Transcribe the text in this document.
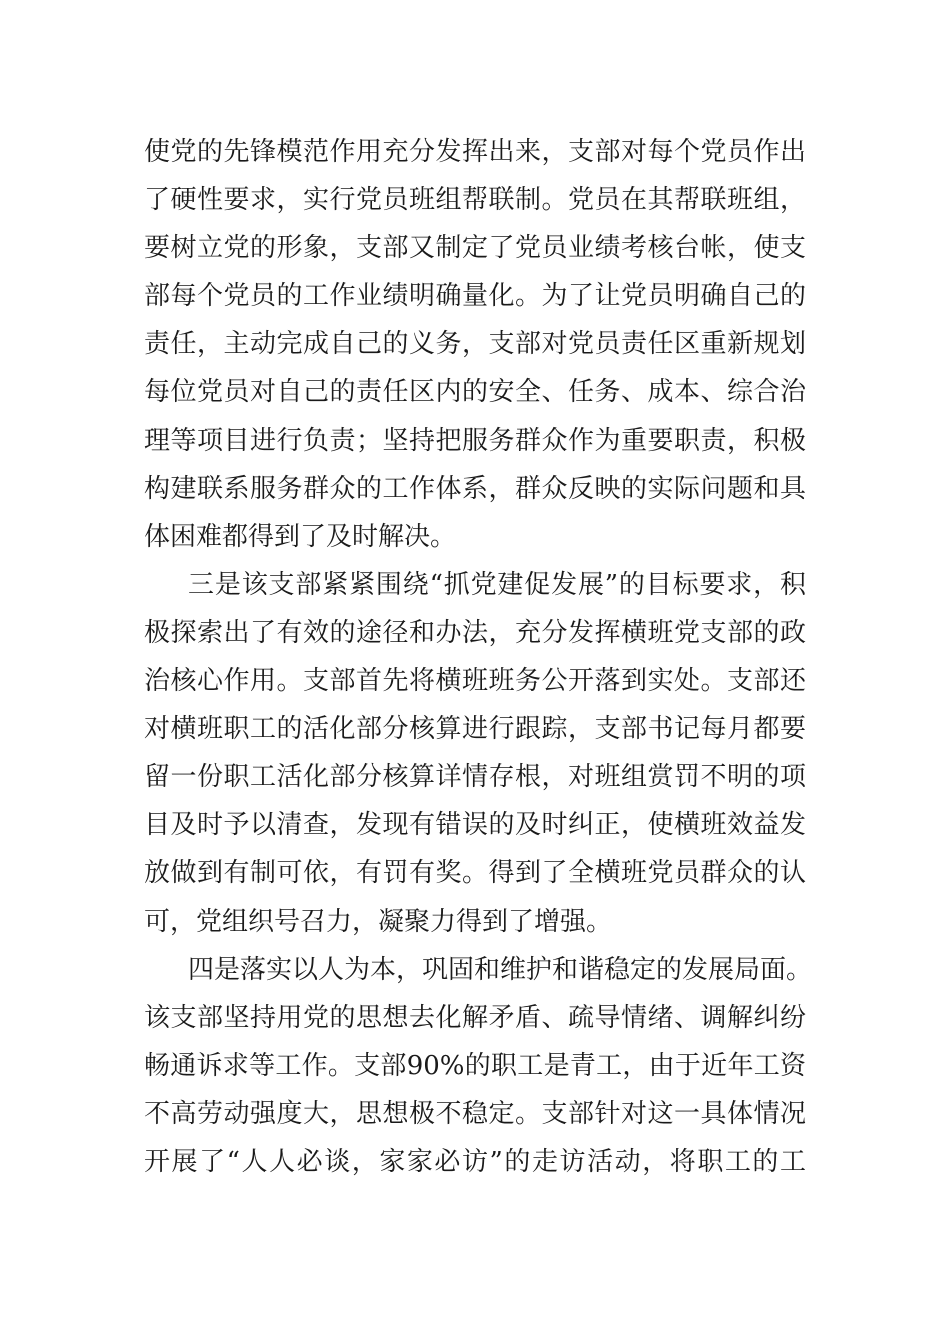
使党的先锋模范作用充分发挥出来，支部对每个党员作出
了硬性要求，实行党员班组帮联制。党员在其帮联班组，
要树立党的形象，支部又制定了党员业绩考核台帐，使支
部每个党员的工作业绩明确量化。为了让党员明确自己的
责任，主动完成自己的义务，支部对党员责任区重新规划
每位党员对自己的责任区内的安全、任务、成本、综合治
理等项目进行负责；坚持把服务群众作为重要职责，积极
构建联系服务群众的工作体系，群众反映的实际问题和具
体困难都得到了及时解决。
三是该支部紧紧围绕“抓党建促发展”的目标要求，积
极探索出了有效的途径和办法，充分发挥横班党支部的政
治核心作用。支部首先将横班班务公开落到实处。支部还
对横班职工的活化部分核算进行跟踪，支部书记每月都要
留一份职工活化部分核算详情存根，对班组赏罚不明的项
目及时予以清查，发现有错误的及时纠正，使横班效益发
放做到有制可依，有罚有奖。得到了全横班党员群众的认
可，党组织号召力，凝聚力得到了增强。
四是落实以人为本，巩固和维护和谐稳定的发展局面。
该支部坚持用党的思想去化解矛盾、疏导情绪、调解纠纷
畅通诉求等工作。支部90%的职工是青工，由于近年工资
不高劳动强度大，思想极不稳定。支部针对这一具体情况
开展了“人人必谈，家家必访”的走访活动，将职工的工
